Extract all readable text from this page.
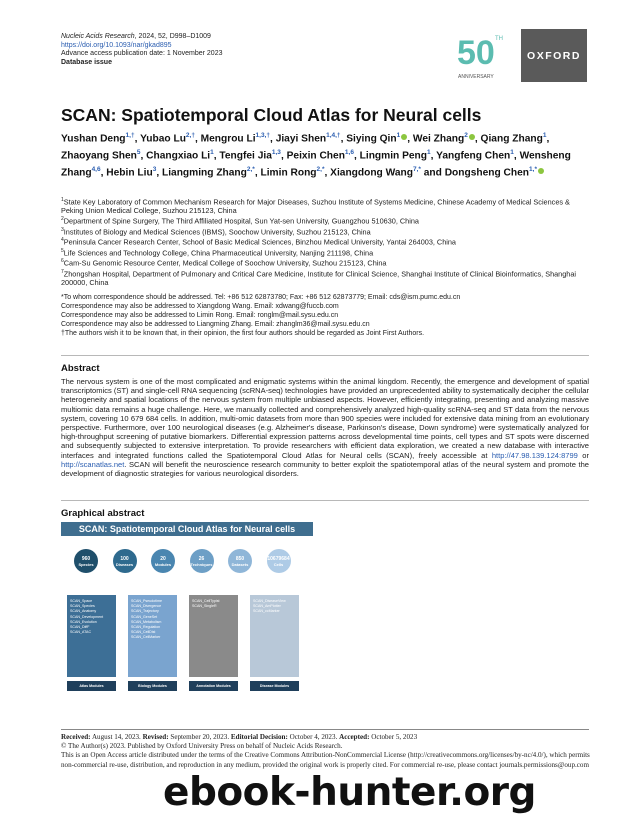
Nucleic Acids Research, 2024, 52, D998–D1009
https://doi.org/10.1093/nar/gkad895
Advance access publication date: 1 November 2023
Database issue	50 TH
ANNIVERSARY
OXFORD
SCAN: Spatiotemporal Cloud Atlas for Neural cells
Yushan Deng$^{1,\dagger}$, Yubao $Lu^{2,\dagger}$, Mengrou $Li^{1,3,\dagger}$, Jiayi Shen$^{1,4,\dagger}$, Siying Qin$^1$ , Wei Zhang$^2$ , Qiang Zhang$^1$, Zhaoyang Shen$^5$, Changxiao Li$^1$, Tengfei Jia$^{1,3}$, Peixin Chen$^{1,6}$, Lingmin Peng$^1$, Yangfeng Chen$^1$, Wensheng Zhang$^{4,6}$, Hebin Liu$^3$, Liangming Zhang$^{2,*}$, Limin Rong$^{2,*}$, Xiangdong Wang$^{7,*}$ and Dongsheng Chen$^{1,*}$
$^1$State Key Laboratory of Common Mechanism Research for Major Diseases, Suzhou Institute of Systems Medicine, Chinese Academy of Medical Sciences & Peking Union Medical College, Suzhou 215123, China
$^2$Department of Spine Surgery, The Third Affiliated Hospital, Sun Yat-sen University, Guangzhou 510630, China
$^3$Institutes of Biology and Medical Sciences (IBMS), Soochow University, Suzhou 215123, China
$^4$Peninsula Cancer Research Center, School of Basic Medical Sciences, Binzhou Medical University, Yantai 264003, China
$^5$Life Sciences and Technology College, China Pharmaceutical University, Nanjing 211198, China
$^6$Cam-Su Genomic Resource Center, Medical College of Soochow University, Suzhou 215123, China
$^7$Zhongshan Hospital, Department of Pulmonary and Critical Care Medicine, Institute for Clinical Science, Shanghai Institute of Clinical Bioinformatics, Shanghai 200000, China
*To whom correspondence should be addressed. Tel: +86 512 62873780; Fax: +86 512 62873779; Email: cds@ism.pumc.edu.cn
Correspondence may also be addressed to Xiangdong Wang. Email: xdwang@fuccb.com
Correspondence may also be addressed to Limin Rong. Email: ronglm@mail.sysu.edu.cn
Correspondence may also be addressed to Liangming Zhang. Email: zhanglm36@mail.sysu.edu.cn
†The authors wish it to be known that, in their opinion, the first four authors should be regarded as Joint First Authors.
Abstract
The nervous system is one of the most complicated and enigmatic systems within the animal kingdom. Recently, the emergence and development of spatial transcriptomics (ST) and single-cell RNA sequencing (scRNA-seq) technologies have provided an unprecedented ability to systematically decipher the cellular heterogeneity and spatial locations of the nervous system from multiple unbiased aspects. However, efficiently integrating, presenting and analyzing massive multiomic data remains a huge challenge. Here, we manually collected and comprehensively analyzed high-quality scRNA-seq and ST data from the nervous system, covering 10 679 684 cells. In addition, multi-omic datasets from more than 900 species were included for extensive data mining from an evolutionary perspective. Furthermore, over 100 neurological diseases (e.g. Alzheimer's disease, Parkinson's disease, Down syndrome) were systematically analyzed for high-throughput screening of putative biomarkers. Differential expression patterns across developmental time points, cell types and ST spots were discerned and subsequently subjected to extensive interpretation. To provide researchers with efficient data exploration, we created a new database with interactive interfaces and integrated functions called the Spatiotemporal Cloud Atlas for Neural cells (SCAN), freely accessible at http://47.98.139.124:8799 or http://scanatlas.net. SCAN will benefit the neuroscience research community to better exploit the spatiotemporal atlas of the neural system and promote the development of diagnostic strategies for various neurological disorders.
Graphical abstract
SCAN: Spatiotemporal Cloud Atlas for Neural cells
960
Species
100
Diseases
20
Modules
26
Techniques
850
Datasets
10679684
Cells
SCAN_Space
SCAN_Species
SCAN_Anatomy
SCAN_Development
SCAN_Evolution
SCAN_DiffF
SCAN_ATAC
Atlas Modules
SCAN_Pseudotime
SCAN_Divergence
SCAN_Trajectory
SCAN_GeneSet
SCAN_Metabolism
SCAN_Regulation
SCAN_CellDist
SCAN_CellMarker
Biology Modules
SCAN_CellTypist
SCAN_SingleR
Annotation Modules
SCAN_DiseaseView
SCAN_AmPlotter
SCAN_ccMarker
Disease Modules
Received: August 14, 2023. Revised: September 20, 2023. Editorial Decision: October 4, 2023. Accepted: October 5, 2023
© The Author(s) 2023. Published by Oxford University Press on behalf of Nucleic Acids Research.
This is an Open Access article distributed under the terms of the Creative Commons Attribution-NonCommercial License (http://creativecommons.org/licenses/by-nc/4.0/), which permits non-commercial re-use, distribution, and reproduction in any medium, provided the original work is properly cited. For commercial re-use, please contact journals.permissions@oup.com
ebook-hunter.org
